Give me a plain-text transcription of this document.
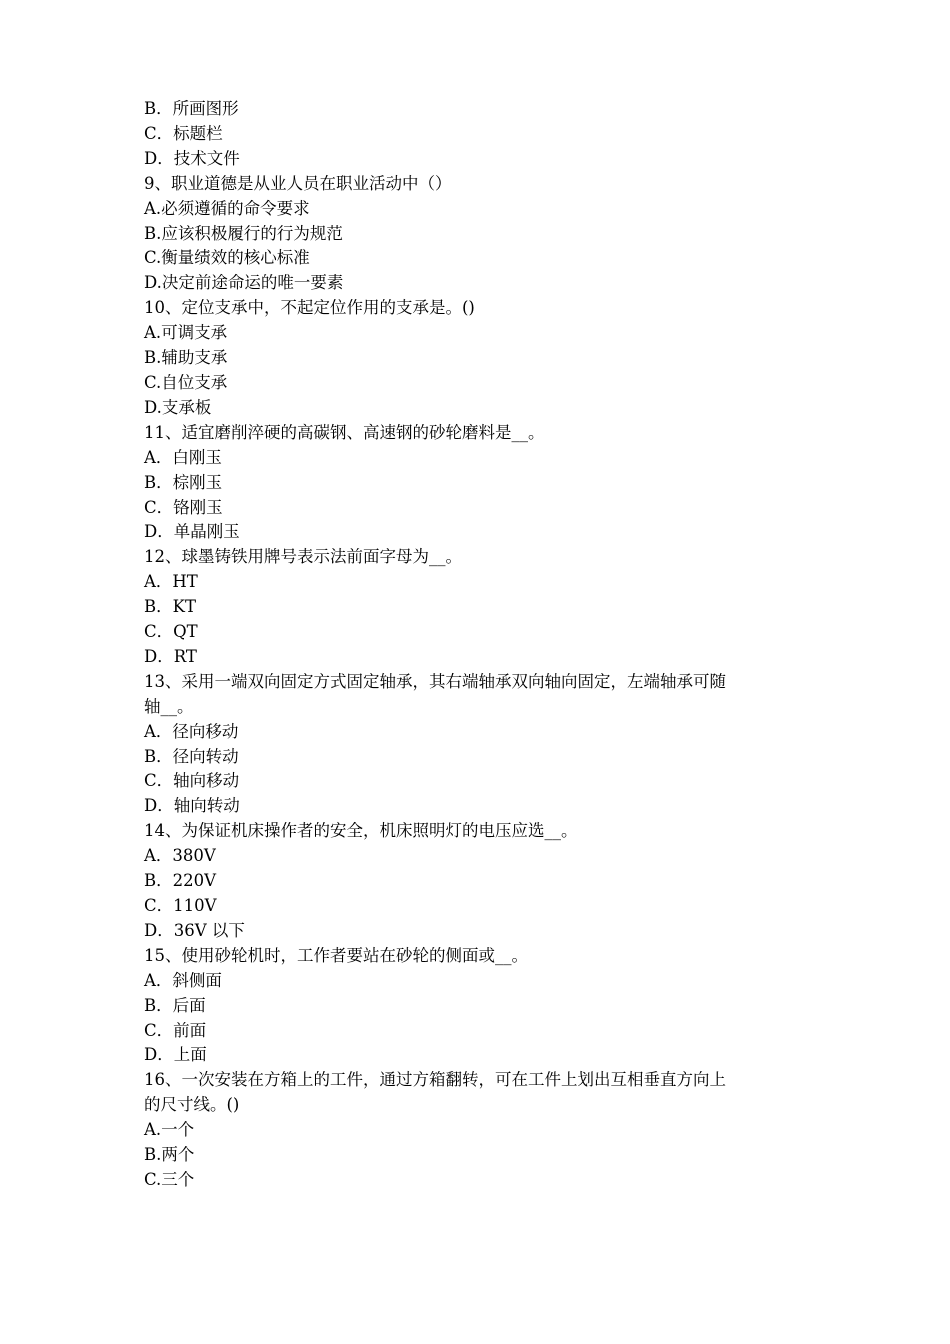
B．所画图形
C．标题栏
D．技术文件
9、职业道德是从业人员在职业活动中（）
A.必须遵循的命令要求
B.应该积极履行的行为规范
C.衡量绩效的核心标准
D.决定前途命运的唯一要素
10、定位支承中，不起定位作用的支承是。()
A.可调支承
B.辅助支承
C.自位支承
D.支承板
11、适宜磨削淬硬的高碳钢、高速钢的砂轮磨料是__。
A．白刚玉
B．棕刚玉
C．铬刚玉
D．单晶刚玉
12、球墨铸铁用牌号表示法前面字母为__。
A．HT
B．KT
C．QT
D．RT
13、采用一端双向固定方式固定轴承，其右端轴承双向轴向固定，左端轴承可随
轴__。
A．径向移动
B．径向转动
C．轴向移动
D．轴向转动
14、为保证机床操作者的安全，机床照明灯的电压应选__。
A．380V
B．220V
C．110V
D．36V 以下
15、使用砂轮机时，工作者要站在砂轮的侧面或__。
A．斜侧面
B．后面
C．前面
D．上面
16、一次安装在方箱上的工件，通过方箱翻转，可在工件上划出互相垂直方向上
的尺寸线。()
A.一个
B.两个
C.三个
